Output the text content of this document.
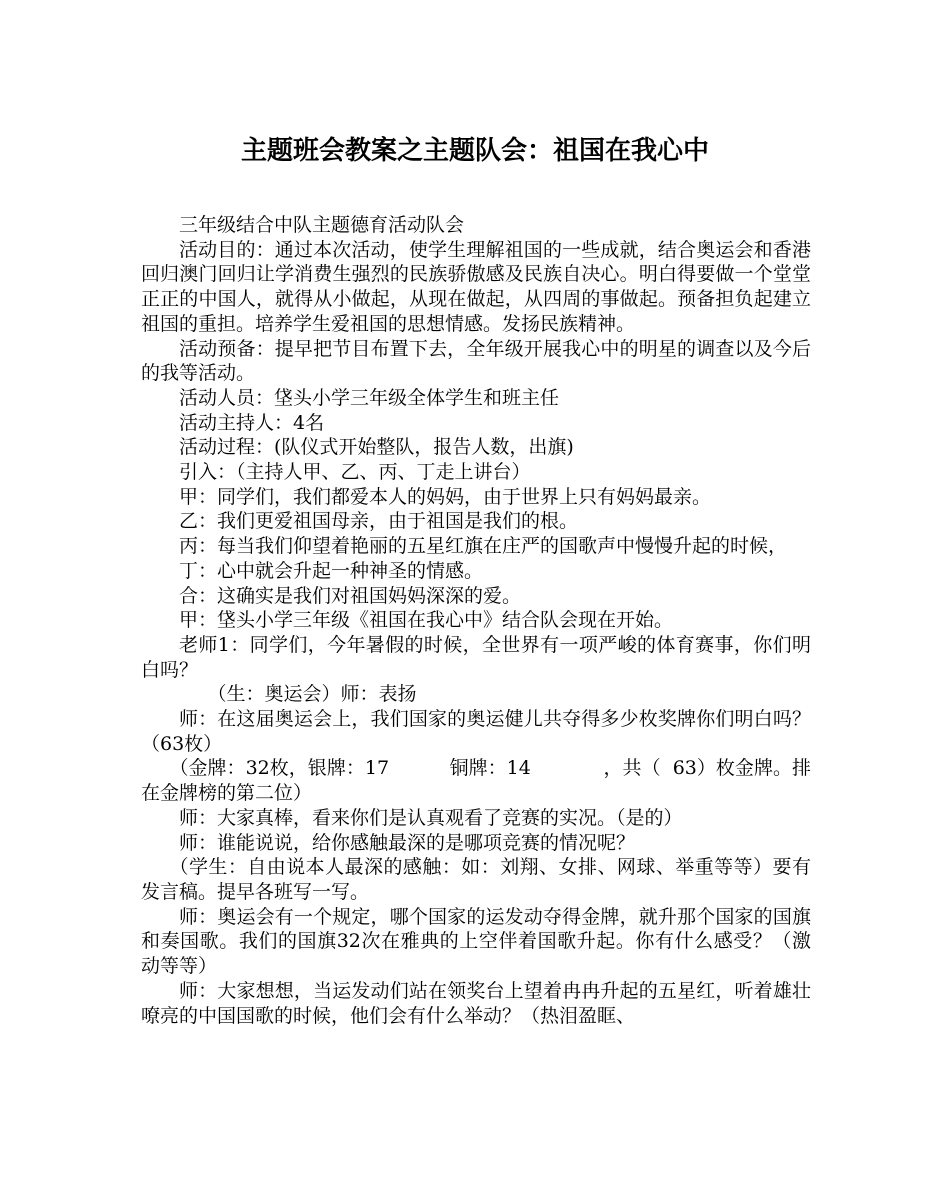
主题班会教案之主题队会：祖国在我心中

三年级结合中队主题德育活动队会

活动目的：通过本次活动，使学生理解祖国的一些成就，结合奥运会和香港回归澳门回归让学消费生强烈的民族骄傲感及民族自决心。明白得要做一个堂堂正正的中国人，就得从小做起，从现在做起，从四周的事做起。预备担负起建立祖国的重担。培养学生爱祖国的思想情感。发扬民族精神。

活动预备：提早把节目布置下去，全年级开展我心中的明星的调查以及今后的我等活动。

活动人员：垡头小学三年级全体学生和班主任

活动主持人：4名

活动过程：(队仪式开始整队，报告人数，出旗)

引入：（主持人甲、乙、丙、丁走上讲台）

甲：同学们，我们都爱本人的妈妈，由于世界上只有妈妈最亲。

乙：我们更爱祖国母亲，由于祖国是我们的根。

丙：每当我们仰望着艳丽的五星红旗在庄严的国歌声中慢慢升起的时候，

丁：心中就会升起一种神圣的情感。

合：这确实是我们对祖国妈妈深深的爱。

甲：垡头小学三年级《祖国在我心中》结合队会现在开始。

老师1：同学们，今年暑假的时候，全世界有一项严峻的体育赛事，你们明白吗？

（生：奥运会）师：表扬

师：在这届奥运会上，我们国家的奥运健儿共夺得多少枚奖牌你们明白吗？（63枚）

（金牌：32枚，银牌：17          铜牌：14            ，共（  63）枚金牌。排在金牌榜的第二位）

师：大家真棒，看来你们是认真观看了竞赛的实况。（是的）

师：谁能说说，给你感触最深的是哪项竞赛的情况呢？

（学生：自由说本人最深的感触：如：刘翔、女排、网球、举重等等）要有发言稿。提早各班写一写。

师：奥运会有一个规定，哪个国家的运发动夺得金牌，就升那个国家的国旗和奏国歌。我们的国旗32次在雅典的上空伴着国歌升起。你有什么感受？（激动等等）

师：大家想想，当运发动们站在领奖台上望着冉冉升起的五星红，听着雄壮嘹亮的中国国歌的时候，他们会有什么举动？（热泪盈眶、
